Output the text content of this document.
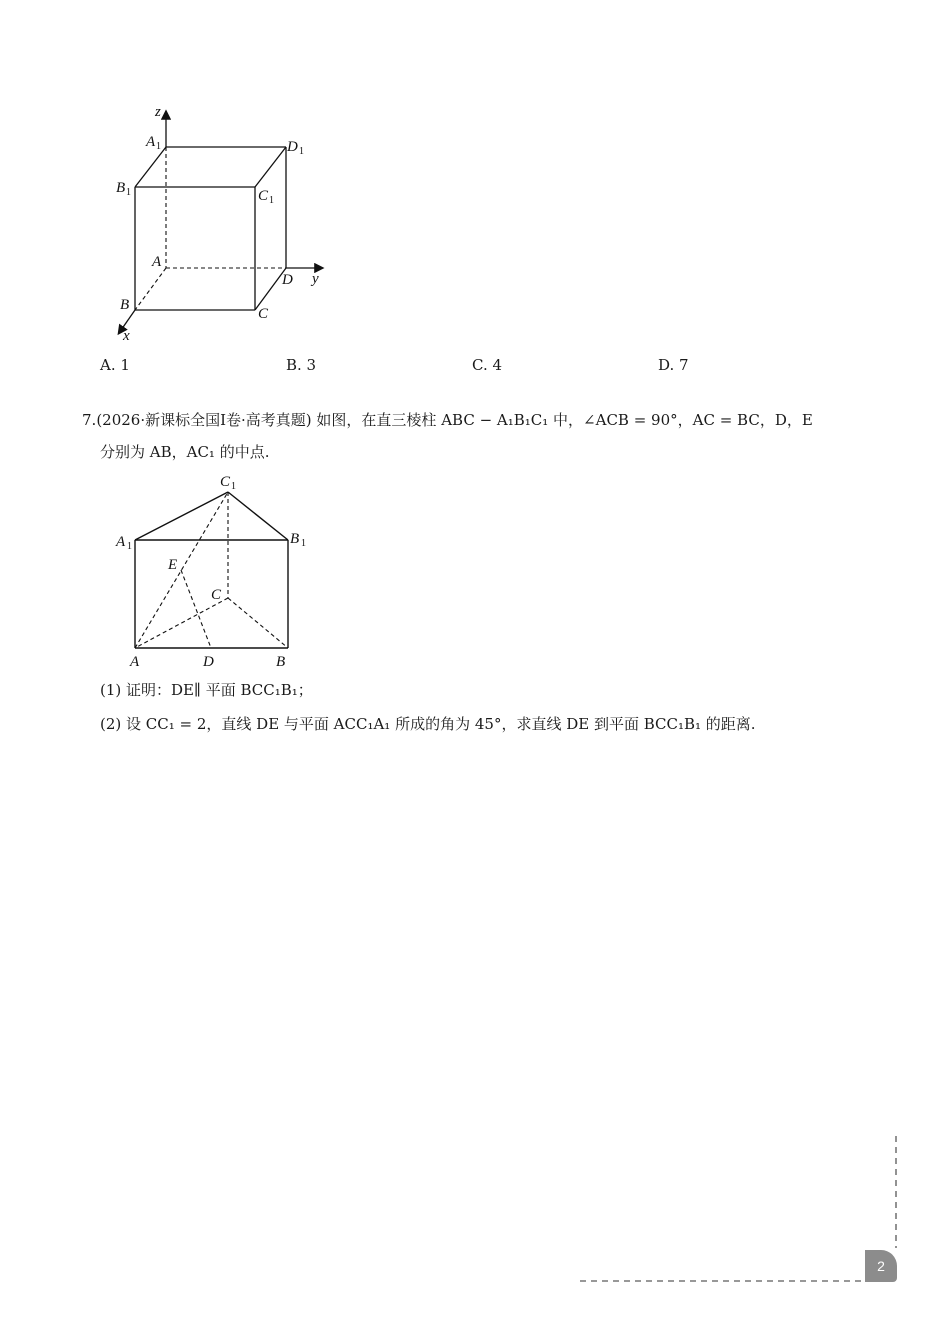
z
y
x
A 1	D 1
B 1	C 1
A
D
B
C
A. 1	B. 3	C. 4	D. 7
7.(2026·新课标全国Ⅰ卷·高考真题) 如图，在直三棱柱 ABC − A₁B₁C₁ 中，∠ACB = 90°，AC = BC，D，E
分别为 AB，AC₁ 的中点.
C 1
A 1	B 1
E
C
A	D	B
(1) 证明：DE∥ 平面 BCC₁B₁；
(2) 设 CC₁ = 2，直线 DE 与平面 ACC₁A₁ 所成的角为 45°，求直线 DE 到平面 BCC₁B₁ 的距离.
2
